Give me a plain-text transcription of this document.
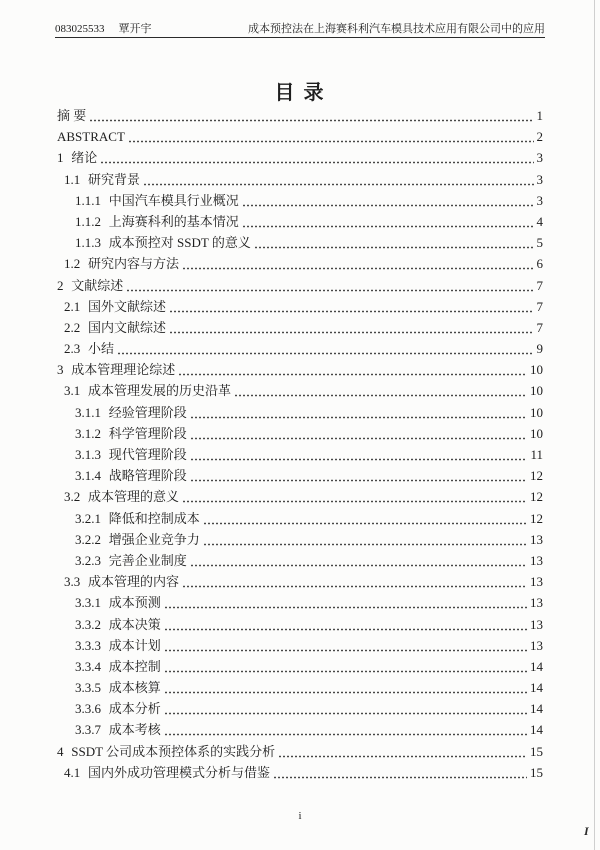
083025533 覃开宇	成本预控法在上海赛科利汽车模具技术应用有限公司中的应用
目 录
摘 要	1
ABSTRACT	2
1 绪论	3
1.1 研究背景	3
1.1.1 中国汽车模具行业概况	3
1.1.2 上海赛科利的基本情况	4
1.1.3 成本预控对 SSDT 的意义	5
1.2 研究内容与方法	6
2 文献综述	7
2.1 国外文献综述	7
2.2 国内文献综述	7
2.3 小结	9
3 成本管理理论综述	10
3.1 成本管理发展的历史沿革	10
3.1.1 经验管理阶段	10
3.1.2 科学管理阶段	10
3.1.3 现代管理阶段	11
3.1.4 战略管理阶段	12
3.2 成本管理的意义	12
3.2.1 降低和控制成本	12
3.2.2 增强企业竞争力	13
3.2.3 完善企业制度	13
3.3 成本管理的内容	13
3.3.1 成本预测	13
3.3.2 成本决策	13
3.3.3 成本计划	13
3.3.4 成本控制	14
3.3.5 成本核算	14
3.3.6 成本分析	14
3.3.7 成本考核	14
4 SSDT 公司成本预控体系的实践分析	15
4.1 国内外成功管理模式分析与借鉴	15
i
I
